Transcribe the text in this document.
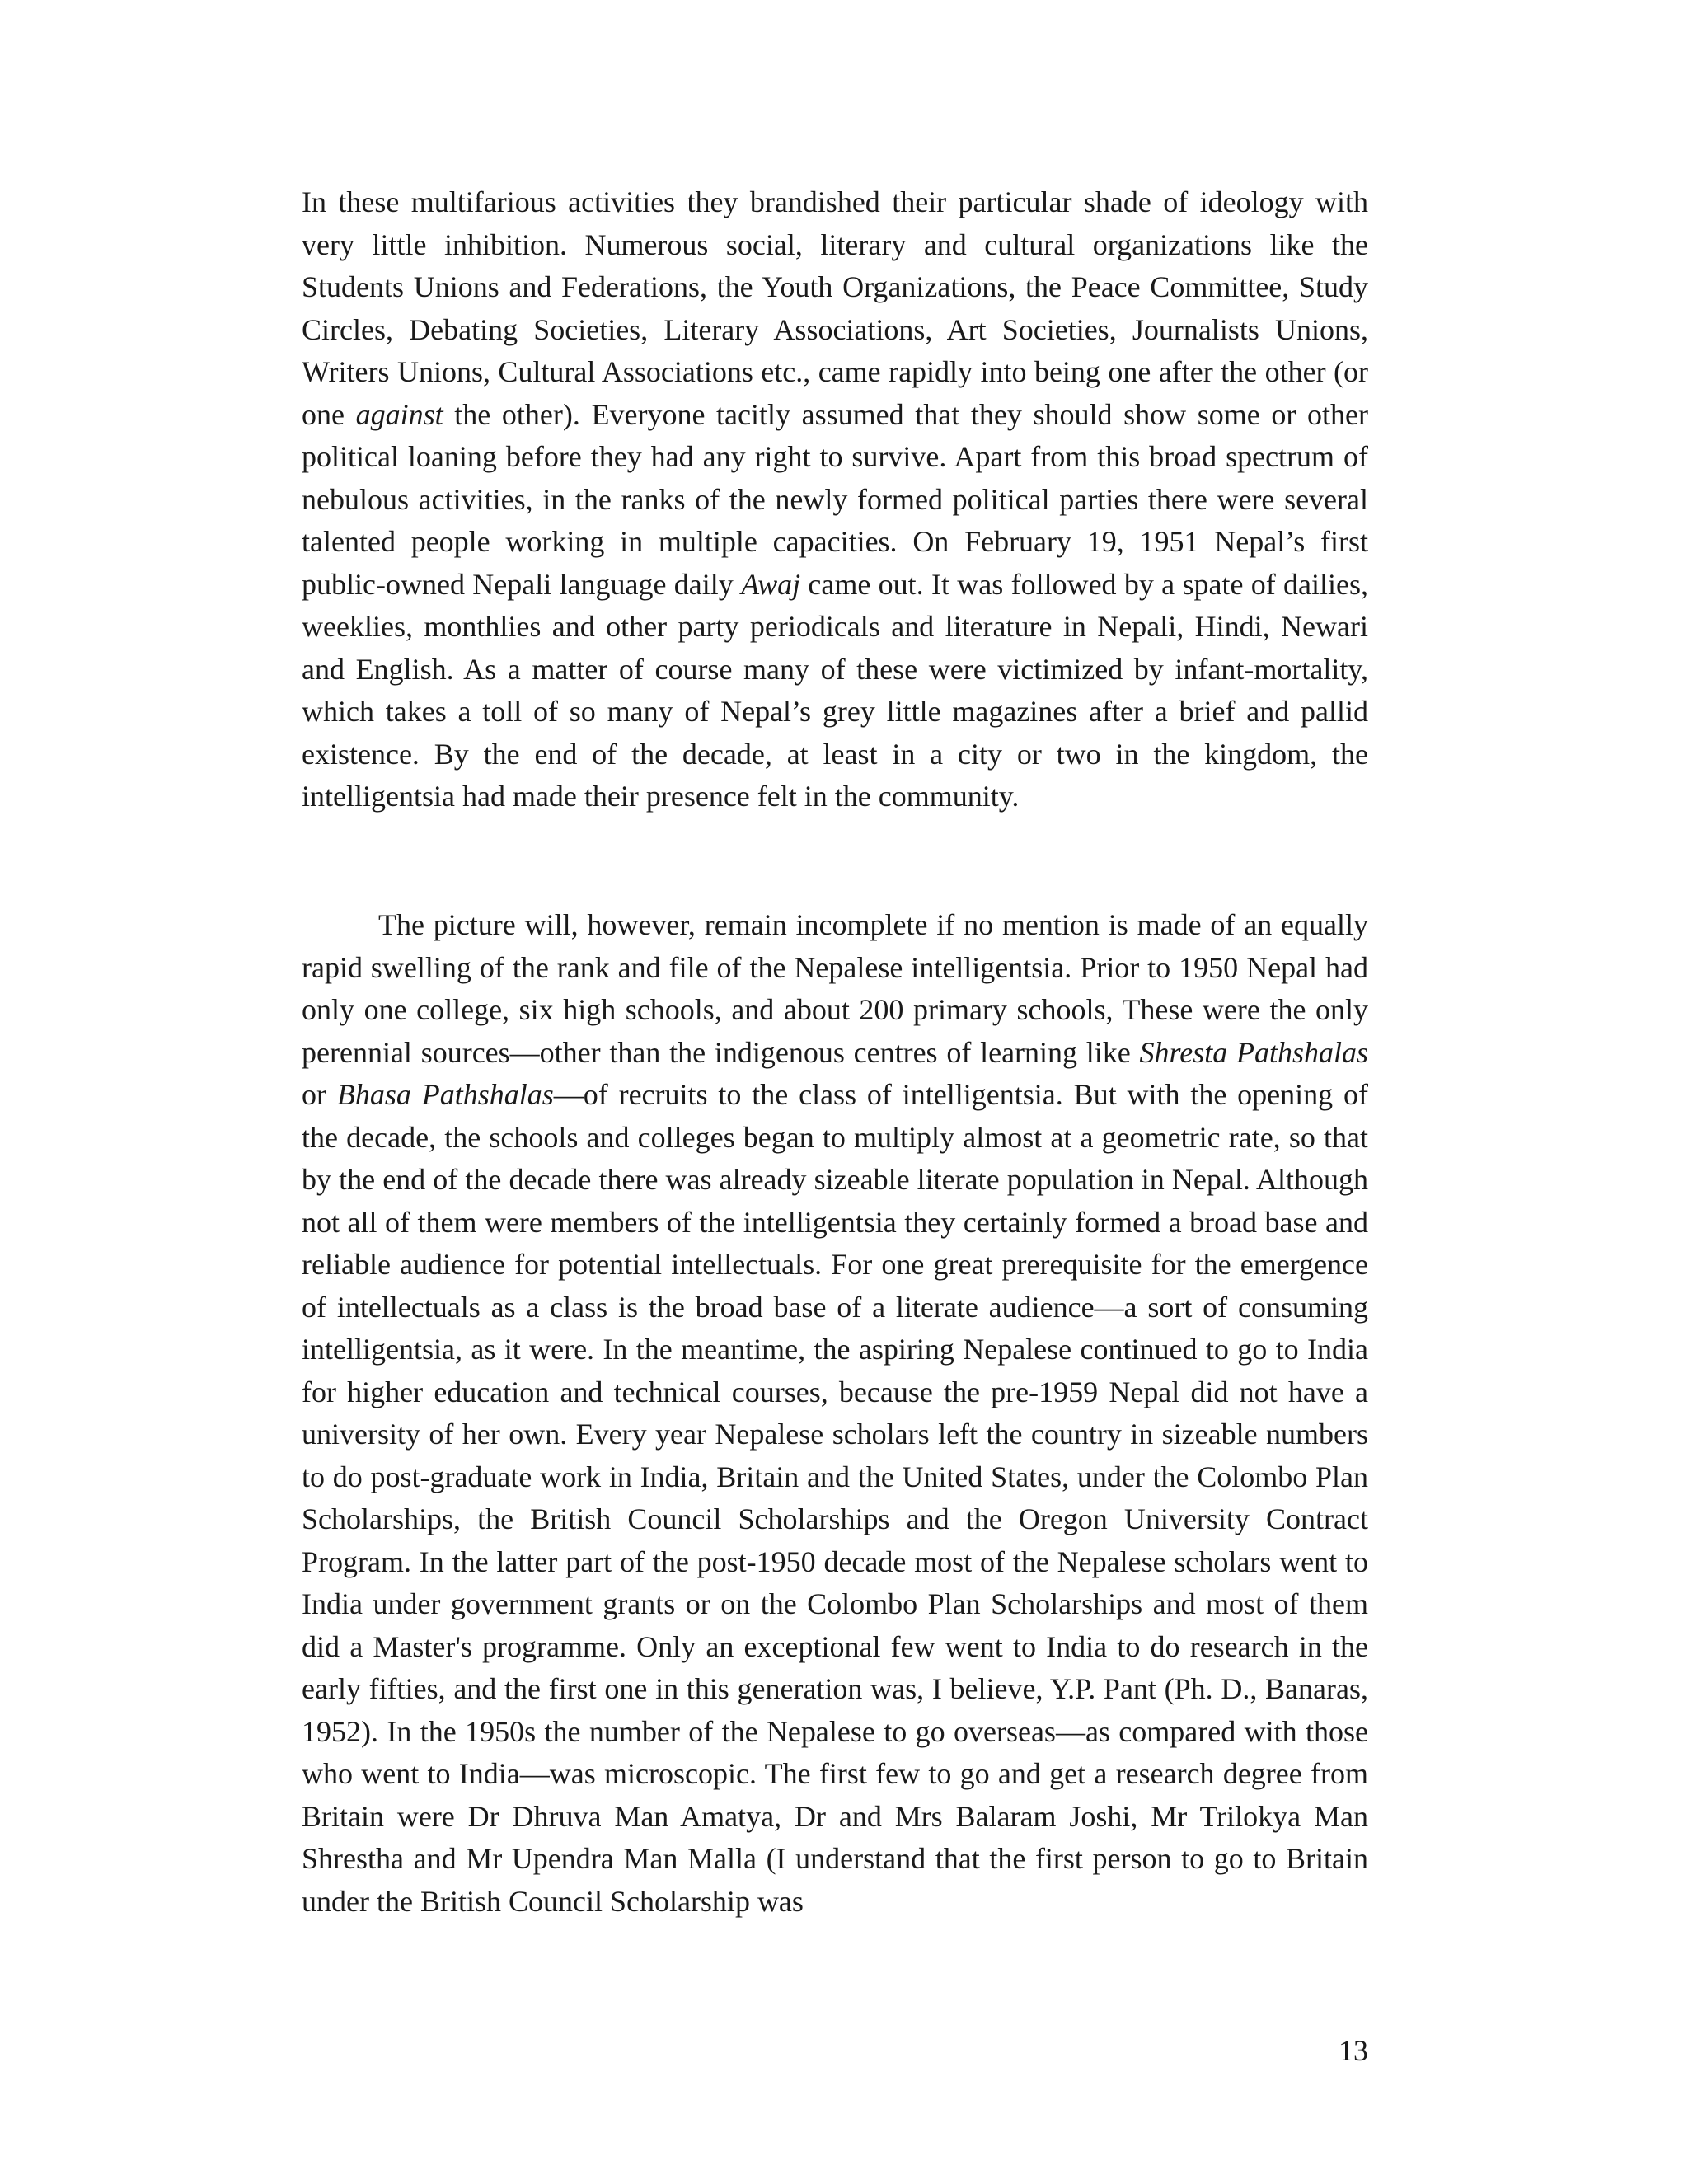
In these multifarious activities they brandished their particular shade of ideology with very little inhibition. Numerous social, literary and cultural organizations like the Students Unions and Federations, the Youth Organizations, the Peace Committee, Study Circles, Debating Societies, Literary Associations, Art Societies, Journalists Unions, Writers Unions, Cultural Associations etc., came rapidly into being one after the other (or one against the other). Everyone tacitly assumed that they should show some or other political loaning before they had any right to survive. Apart from this broad spectrum of nebulous activities, in the ranks of the newly formed political parties there were several talented people working in multiple capacities. On February 19, 1951 Nepal’s first public-owned Nepali language daily Awaj came out. It was followed by a spate of dailies, weeklies, monthlies and other party periodicals and literature in Nepali, Hindi, Newari and English. As a matter of course many of these were victimized by infant-mortality, which takes a toll of so many of Nepal’s grey little magazines after a brief and pallid existence. By the end of the decade, at least in a city or two in the kingdom, the intelligentsia had made their presence felt in the community.

The picture will, however, remain incomplete if no mention is made of an equally rapid swelling of the rank and file of the Nepalese intelligentsia. Prior to 1950 Nepal had only one college, six high schools, and about 200 primary schools, These were the only perennial sources—other than the indigenous centres of learning like Shresta Pathshalas or Bhasa Pathshalas—of recruits to the class of intelligentsia. But with the opening of the decade, the schools and colleges began to multiply almost at a geometric rate, so that by the end of the decade there was already sizeable literate population in Nepal. Although not all of them were members of the intelligentsia they certainly formed a broad base and reliable audience for potential intellectuals. For one great prerequisite for the emergence of intellectuals as a class is the broad base of a literate audience—a sort of consuming intelligentsia, as it were. In the meantime, the aspiring Nepalese continued to go to India for higher education and technical courses, because the pre-1959 Nepal did not have a university of her own. Every year Nepalese scholars left the country in sizeable numbers to do post-graduate work in India, Britain and the United States, under the Colombo Plan Scholarships, the British Council Scholarships and the Oregon University Contract Program. In the latter part of the post-1950 decade most of the Nepalese scholars went to India under government grants or on the Colombo Plan Scholarships and most of them did a Master's programme. Only an exceptional few went to India to do research in the early fifties, and the first one in this generation was, I believe, Y.P. Pant (Ph. D., Banaras, 1952). In the 1950s the number of the Nepalese to go overseas—as compared with those who went to India—was microscopic. The first few to go and get a research degree from Britain were Dr Dhruva Man Amatya, Dr and Mrs Balaram Joshi, Mr Trilokya Man Shrestha and Mr Upendra Man Malla (I understand that the first person to go to Britain under the British Council Scholarship was

13
